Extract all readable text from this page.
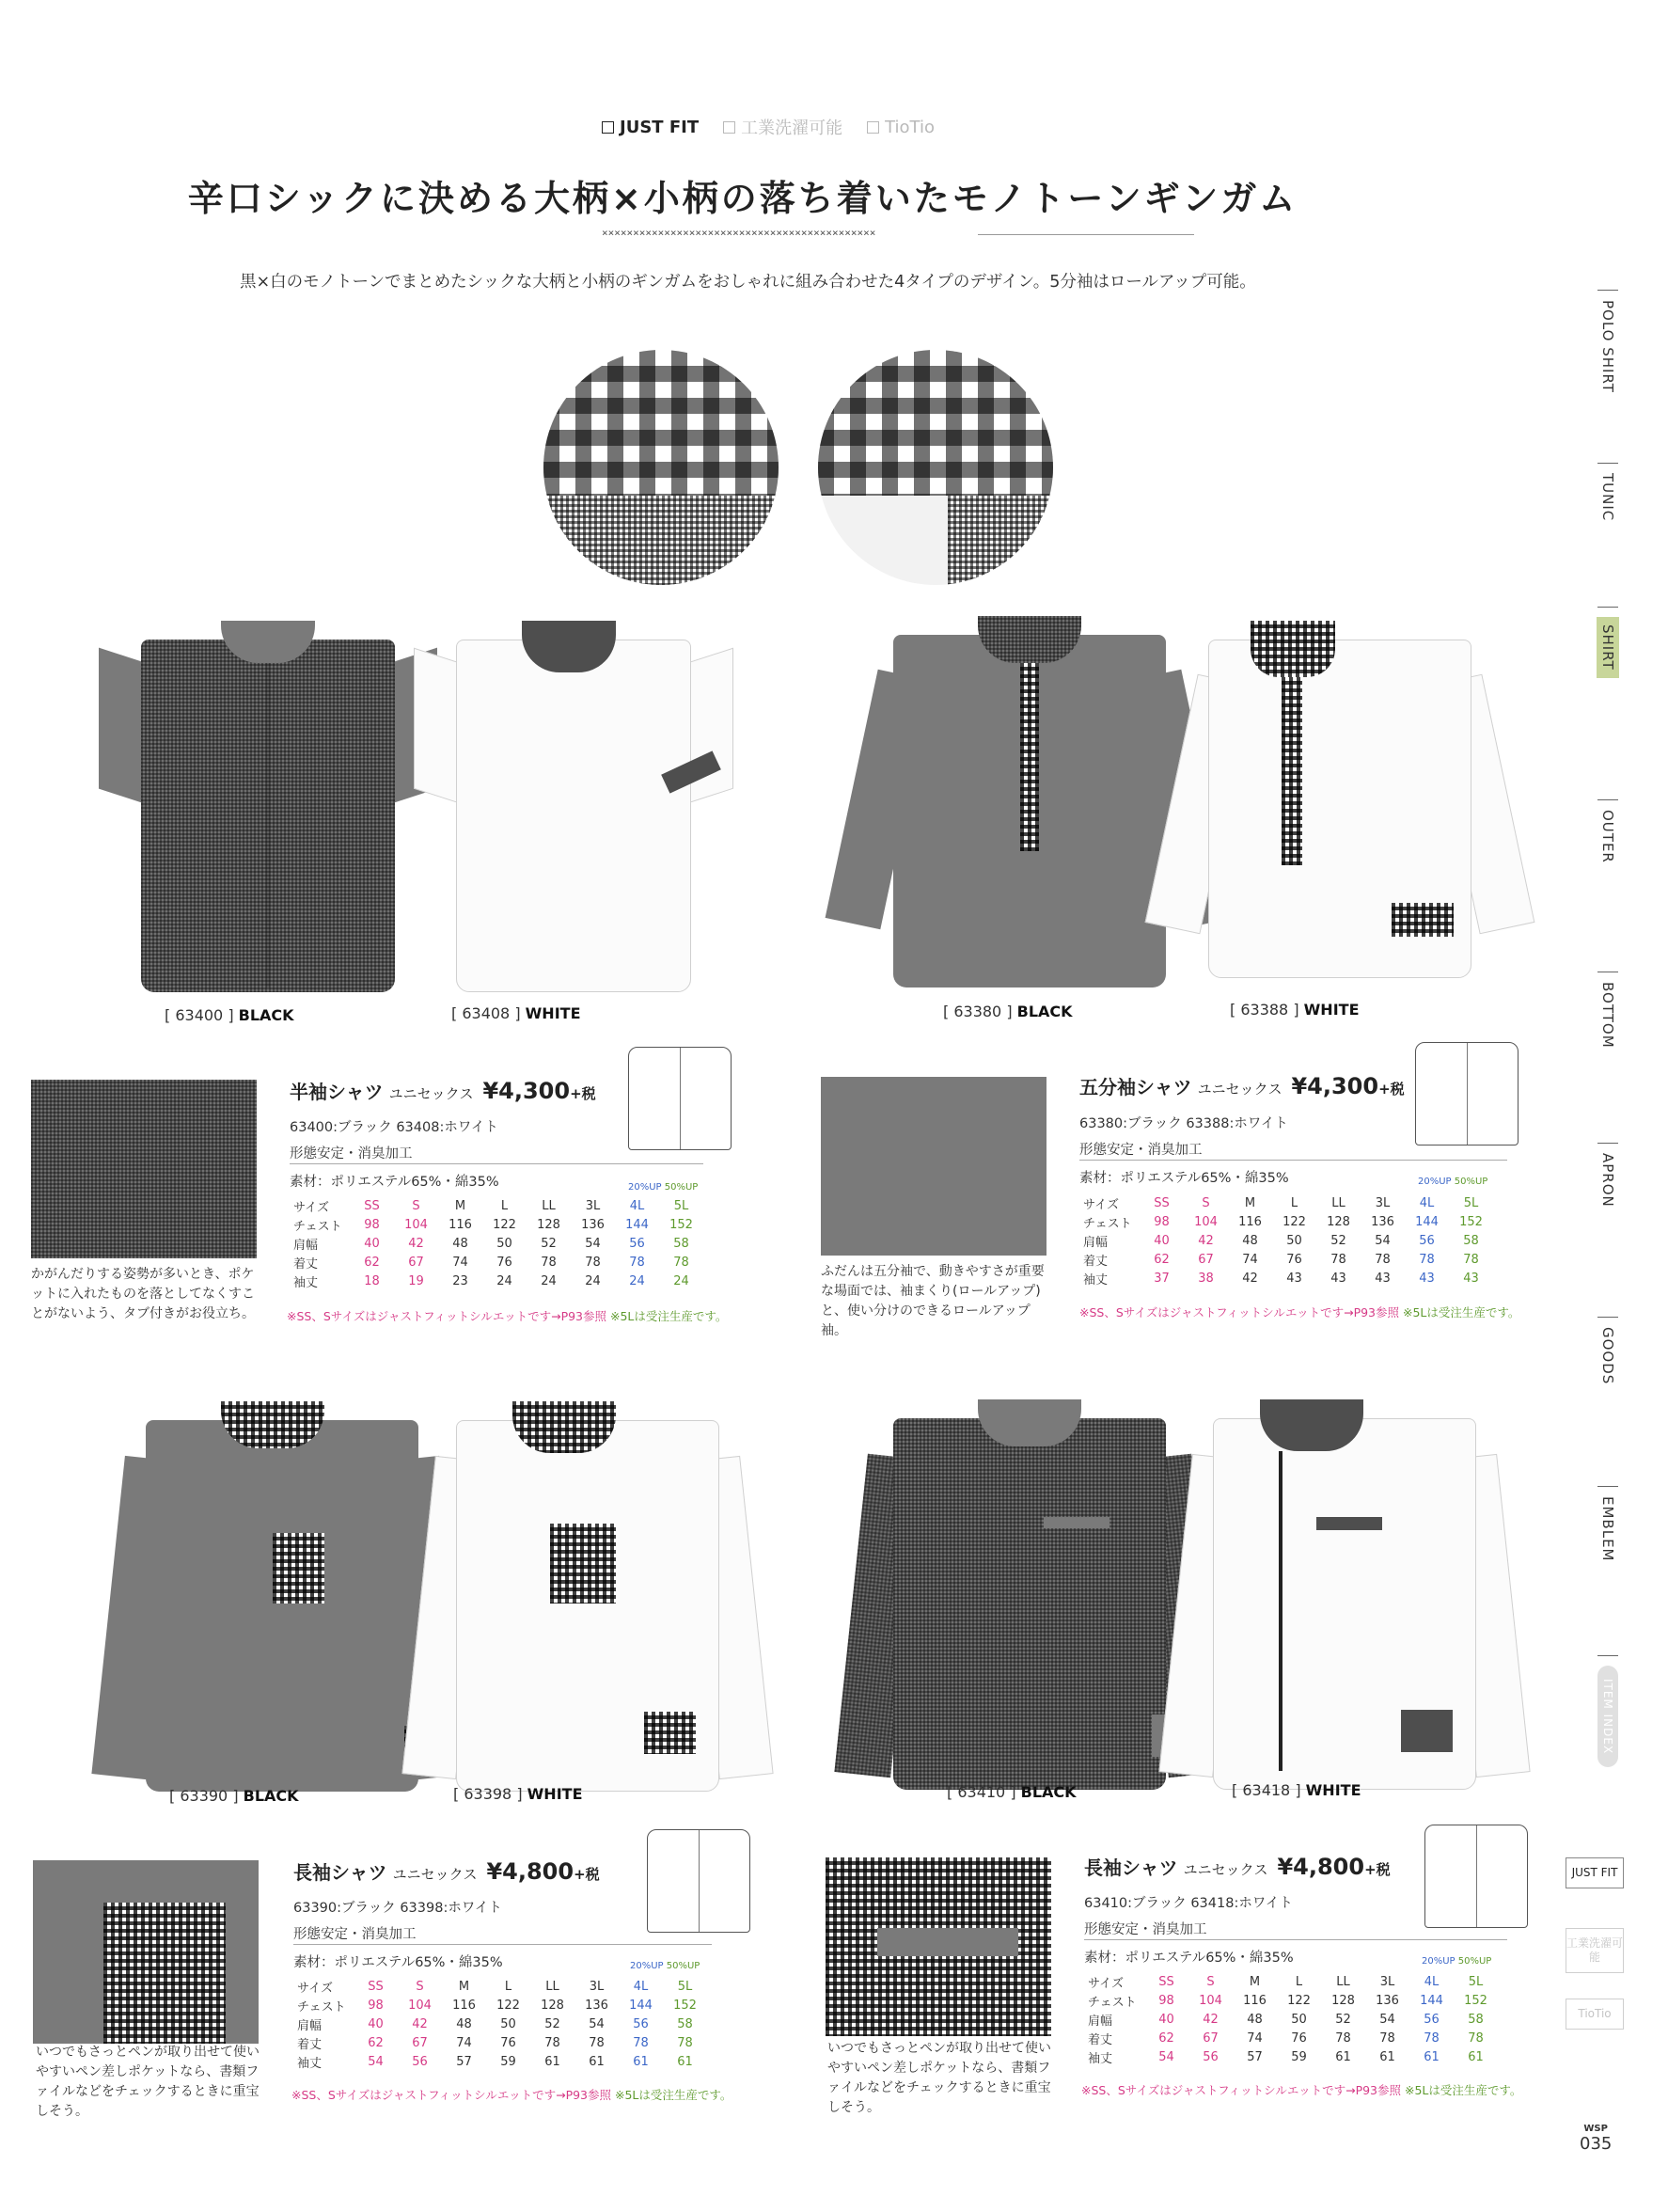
JUST FIT	工業洗濯可能	TioTio
辛口シックに決める大柄×小柄の落ち着いたモノトーンギンガム
××××××××××××××××××××××××××××××××××××××××××××
黒×白のモノトーンでまとめたシックな大柄と小柄のギンガムをおしゃれに組み合わせた4タイプのデザイン。5分袖はロールアップ可能。
[ 63400 ] BLACK	[ 63408 ] WHITE	[ 63380 ] BLACK	[ 63388 ] WHITE
かがんだりする姿勢が多いとき、ポケットに入れたものを落としてなくすことがないよう、タブ付きがお役立ち。
半袖シャツ ユニセックス ¥4,300+税
63400:ブラック 63408:ホワイト
形態安定・消臭加工
素材：ポリエステル65%・綿35%	20%UP 50%UP
サイズ	SS	S	M	L	LL	3L	4L	5L
チェスト	98	104	116	122	128	136	144	152
肩幅	40	42	48	50	52	54	56	58
着丈	62	67	74	76	78	78	78	78
袖丈	18	19	23	24	24	24	24	24
※SS、Sサイズはジャストフィットシルエットです→P93参照 ※5Lは受注生産です。
ふだんは五分袖で、動きやすさが重要な場面では、袖まくり(ロールアップ)と、使い分けのできるロールアップ袖。
五分袖シャツ ユニセックス ¥4,300+税
63380:ブラック 63388:ホワイト
形態安定・消臭加工
素材：ポリエステル65%・綿35%	20%UP 50%UP
サイズ	SS	S	M	L	LL	3L	4L	5L
チェスト	98	104	116	122	128	136	144	152
肩幅	40	42	48	50	52	54	56	58
着丈	62	67	74	76	78	78	78	78
袖丈	37	38	42	43	43	43	43	43
※SS、Sサイズはジャストフィットシルエットです→P93参照 ※5Lは受注生産です。
[ 63390 ] BLACK	[ 63398 ] WHITE	[ 63410 ] BLACK	[ 63418 ] WHITE
いつでもさっとペンが取り出せて使いやすいペン差しポケットなら、書類ファイルなどをチェックするときに重宝しそう。
長袖シャツ ユニセックス ¥4,800+税
63390:ブラック 63398:ホワイト
形態安定・消臭加工
素材：ポリエステル65%・綿35%	20%UP 50%UP
サイズ	SS	S	M	L	LL	3L	4L	5L
チェスト	98	104	116	122	128	136	144	152
肩幅	40	42	48	50	52	54	56	58
着丈	62	67	74	76	78	78	78	78
袖丈	54	56	57	59	61	61	61	61
※SS、Sサイズはジャストフィットシルエットです→P93参照 ※5Lは受注生産です。
いつでもさっとペンが取り出せて使いやすいペン差しポケットなら、書類ファイルなどをチェックするときに重宝しそう。
長袖シャツ ユニセックス ¥4,800+税
63410:ブラック 63418:ホワイト
形態安定・消臭加工
素材：ポリエステル65%・綿35%	20%UP 50%UP
サイズ	SS	S	M	L	LL	3L	4L	5L
チェスト	98	104	116	122	128	136	144	152
肩幅	40	42	48	50	52	54	56	58
着丈	62	67	74	76	78	78	78	78
袖丈	54	56	57	59	61	61	61	61
※SS、Sサイズはジャストフィットシルエットです→P93参照 ※5Lは受注生産です。
POLO SHIRT
TUNIC
SHIRT
OUTER
BOTTOM
APRON
GOODS
EMBLEM
ITEM INDEX
JUST FIT
工業洗濯可能
TioTio
WSP
035
